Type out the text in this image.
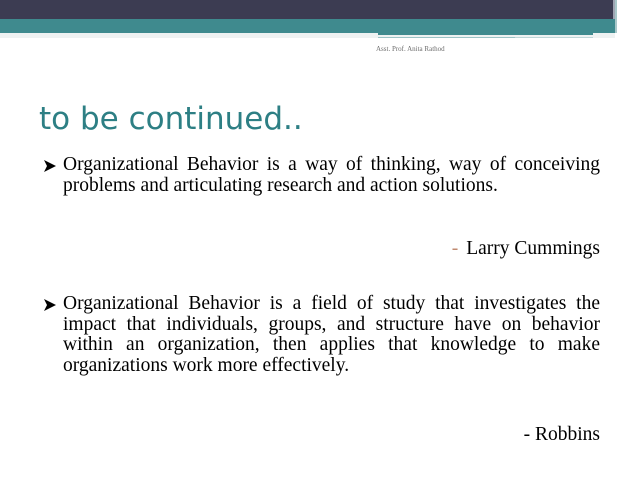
Asst. Prof. Anita Rathod
to be continued..
Organizational Behavior is a way of thinking, way of conceiving problems and articulating research and action solutions.
- Larry Cummings
Organizational Behavior is a field of study that investigates the impact that individuals, groups, and structure have on behavior within an organization, then applies that knowledge to make organizations work more effectively.
- Robbins
